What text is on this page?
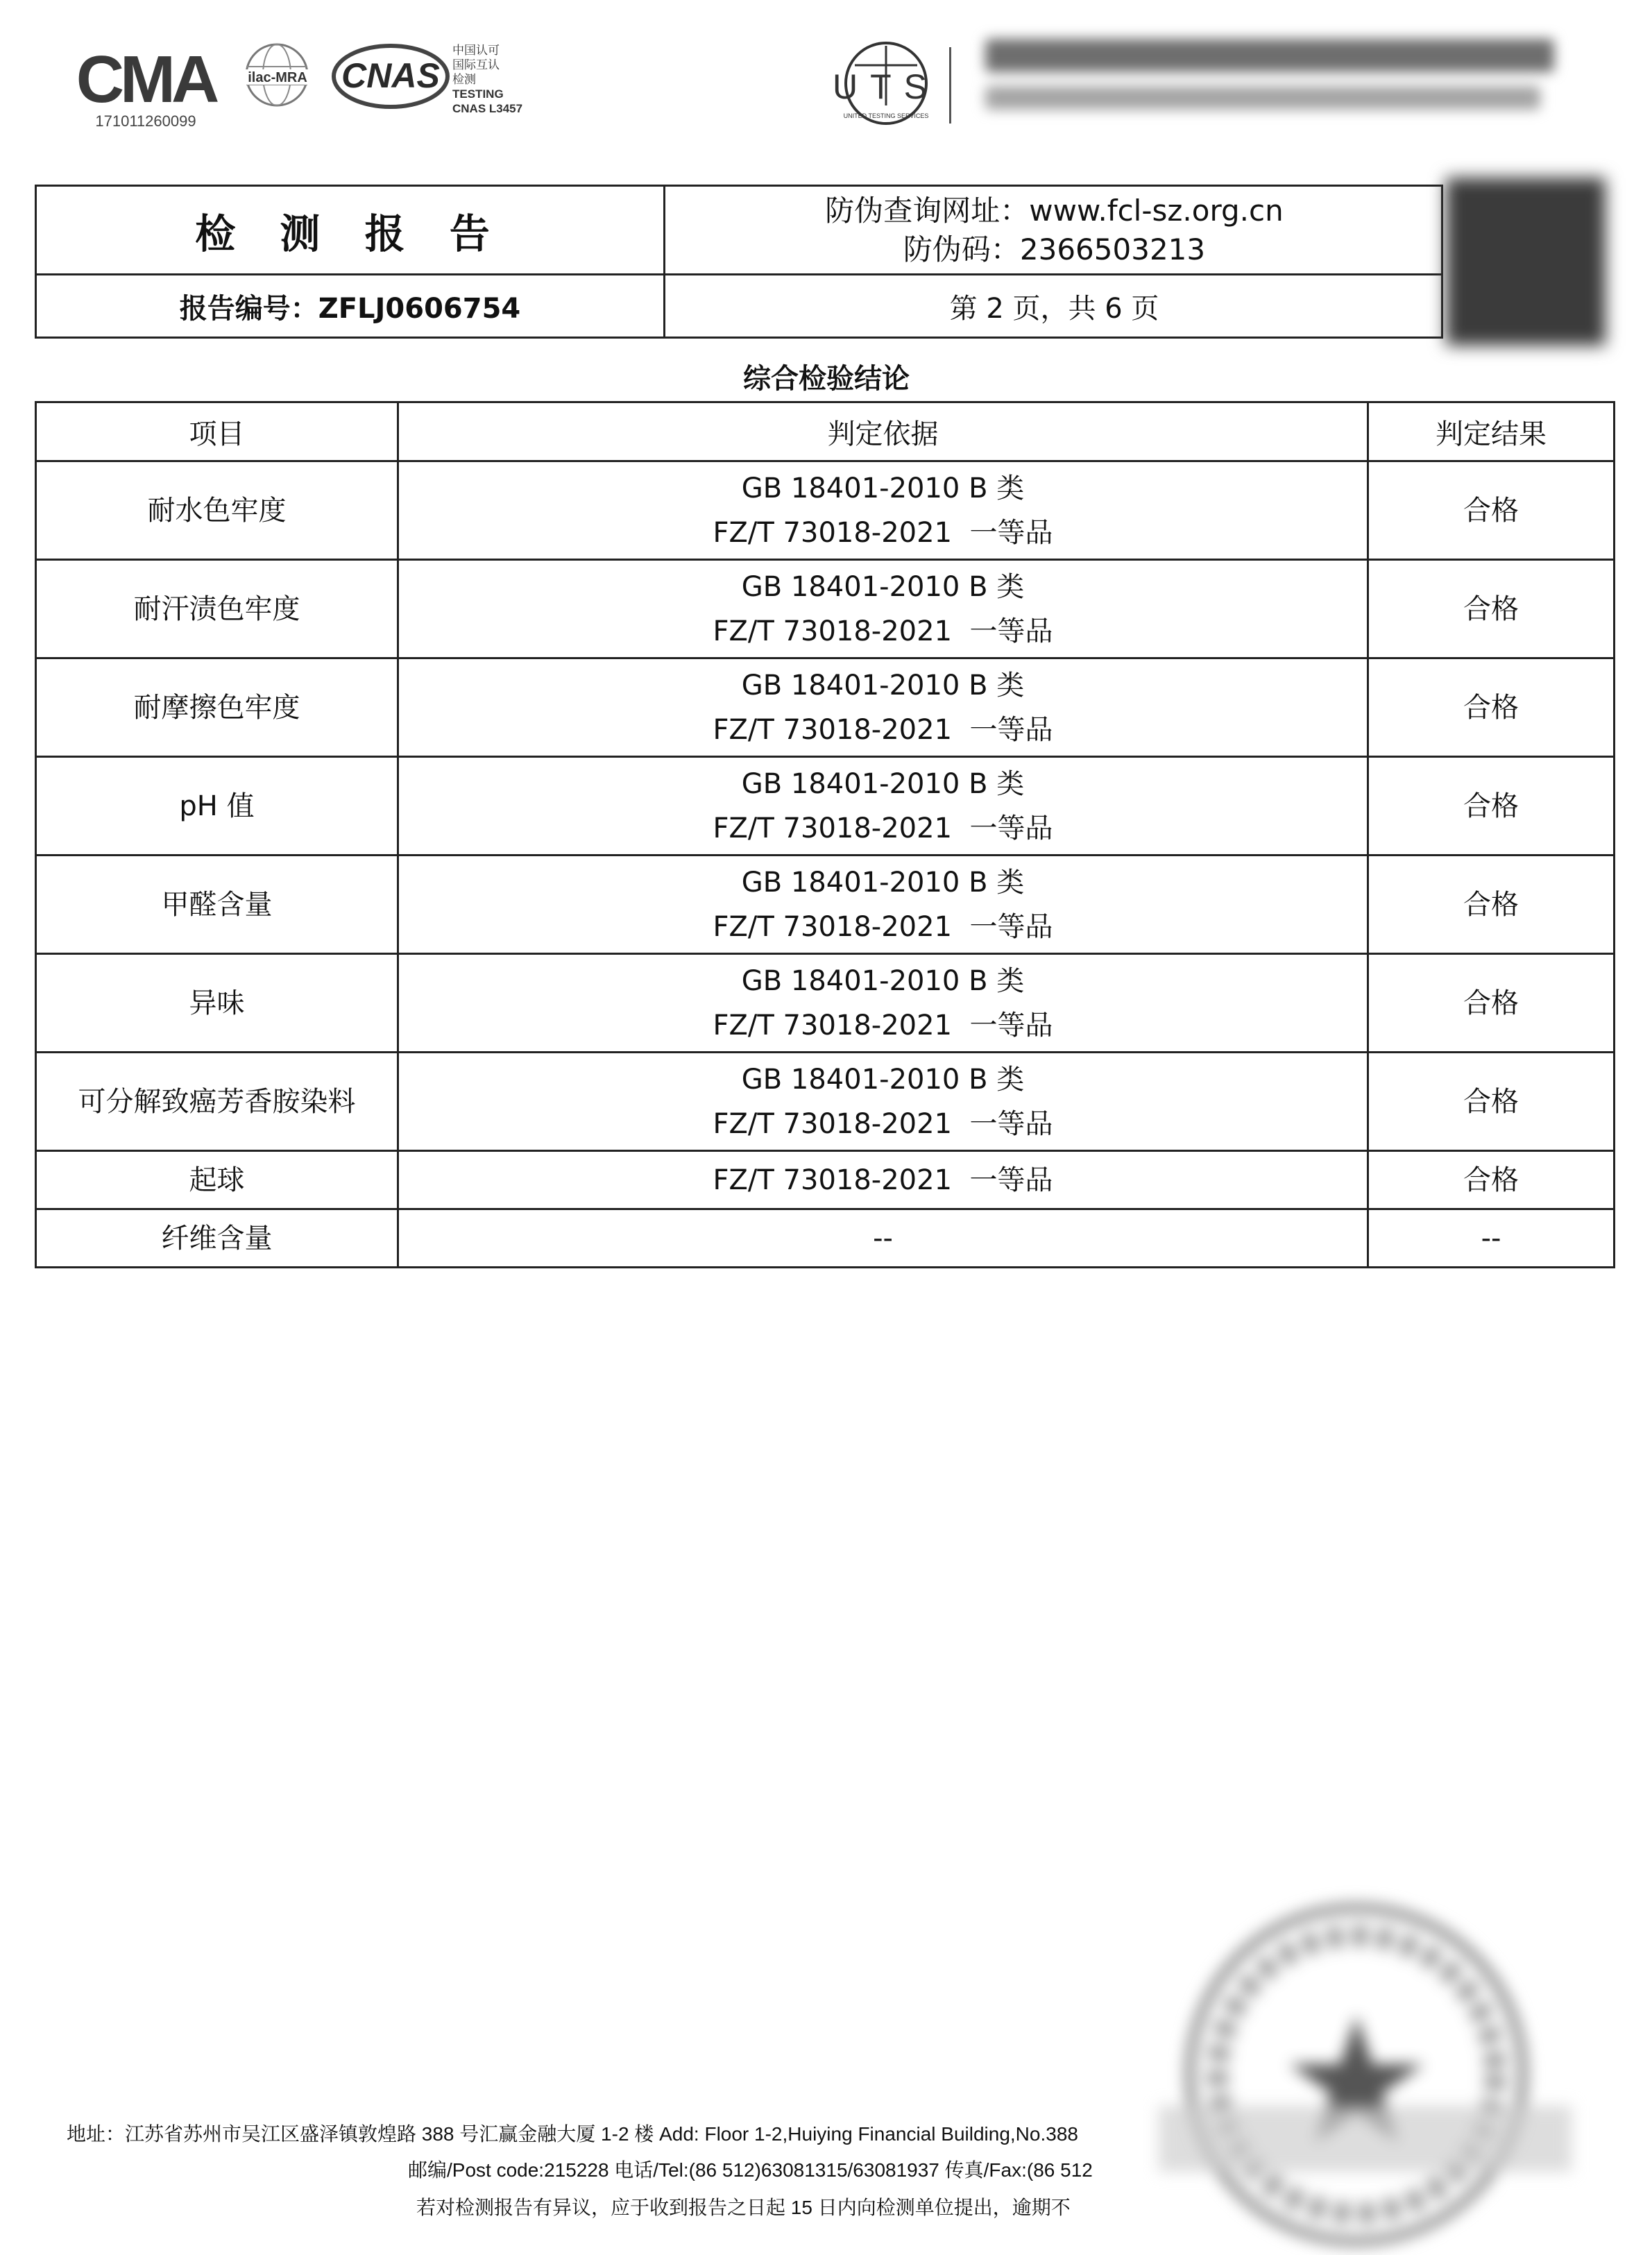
CMA
171011260099
ilac-MRA CNAS
中国认可
国际互认
检测
TESTING
CNAS L3457
UTS
UNITED TESTING SERVICES
检 测 报 告	防伪查询网址：www.fcl-sz.org.cn
防伪码：2366503213
报告编号：ZFLJ0606754	第 2 页，共 6 页
综合检验结论
项目	判定依据	判定结果
耐水色牢度	GB 18401-2010 B 类
FZ/T 73018-2021  一等品	合格
耐汗渍色牢度	GB 18401-2010 B 类
FZ/T 73018-2021  一等品	合格
耐摩擦色牢度	GB 18401-2010 B 类
FZ/T 73018-2021  一等品	合格
pH 值	GB 18401-2010 B 类
FZ/T 73018-2021  一等品	合格
甲醛含量	GB 18401-2010 B 类
FZ/T 73018-2021  一等品	合格
异味	GB 18401-2010 B 类
FZ/T 73018-2021  一等品	合格
可分解致癌芳香胺染料	GB 18401-2010 B 类
FZ/T 73018-2021  一等品	合格
起球	FZ/T 73018-2021  一等品	合格
纤维含量	--	--
地址：江苏省苏州市吴江区盛泽镇敦煌路 388 号汇赢金融大厦 1-2 楼 Add: Floor 1-2,Huiying Financial Building,No.388
邮编/Post code:215228 电话/Tel:(86 512)63081315/63081937 传真/Fax:(86 512
若对检测报告有异议，应于收到报告之日起 15 日内向检测单位提出，逾期不
